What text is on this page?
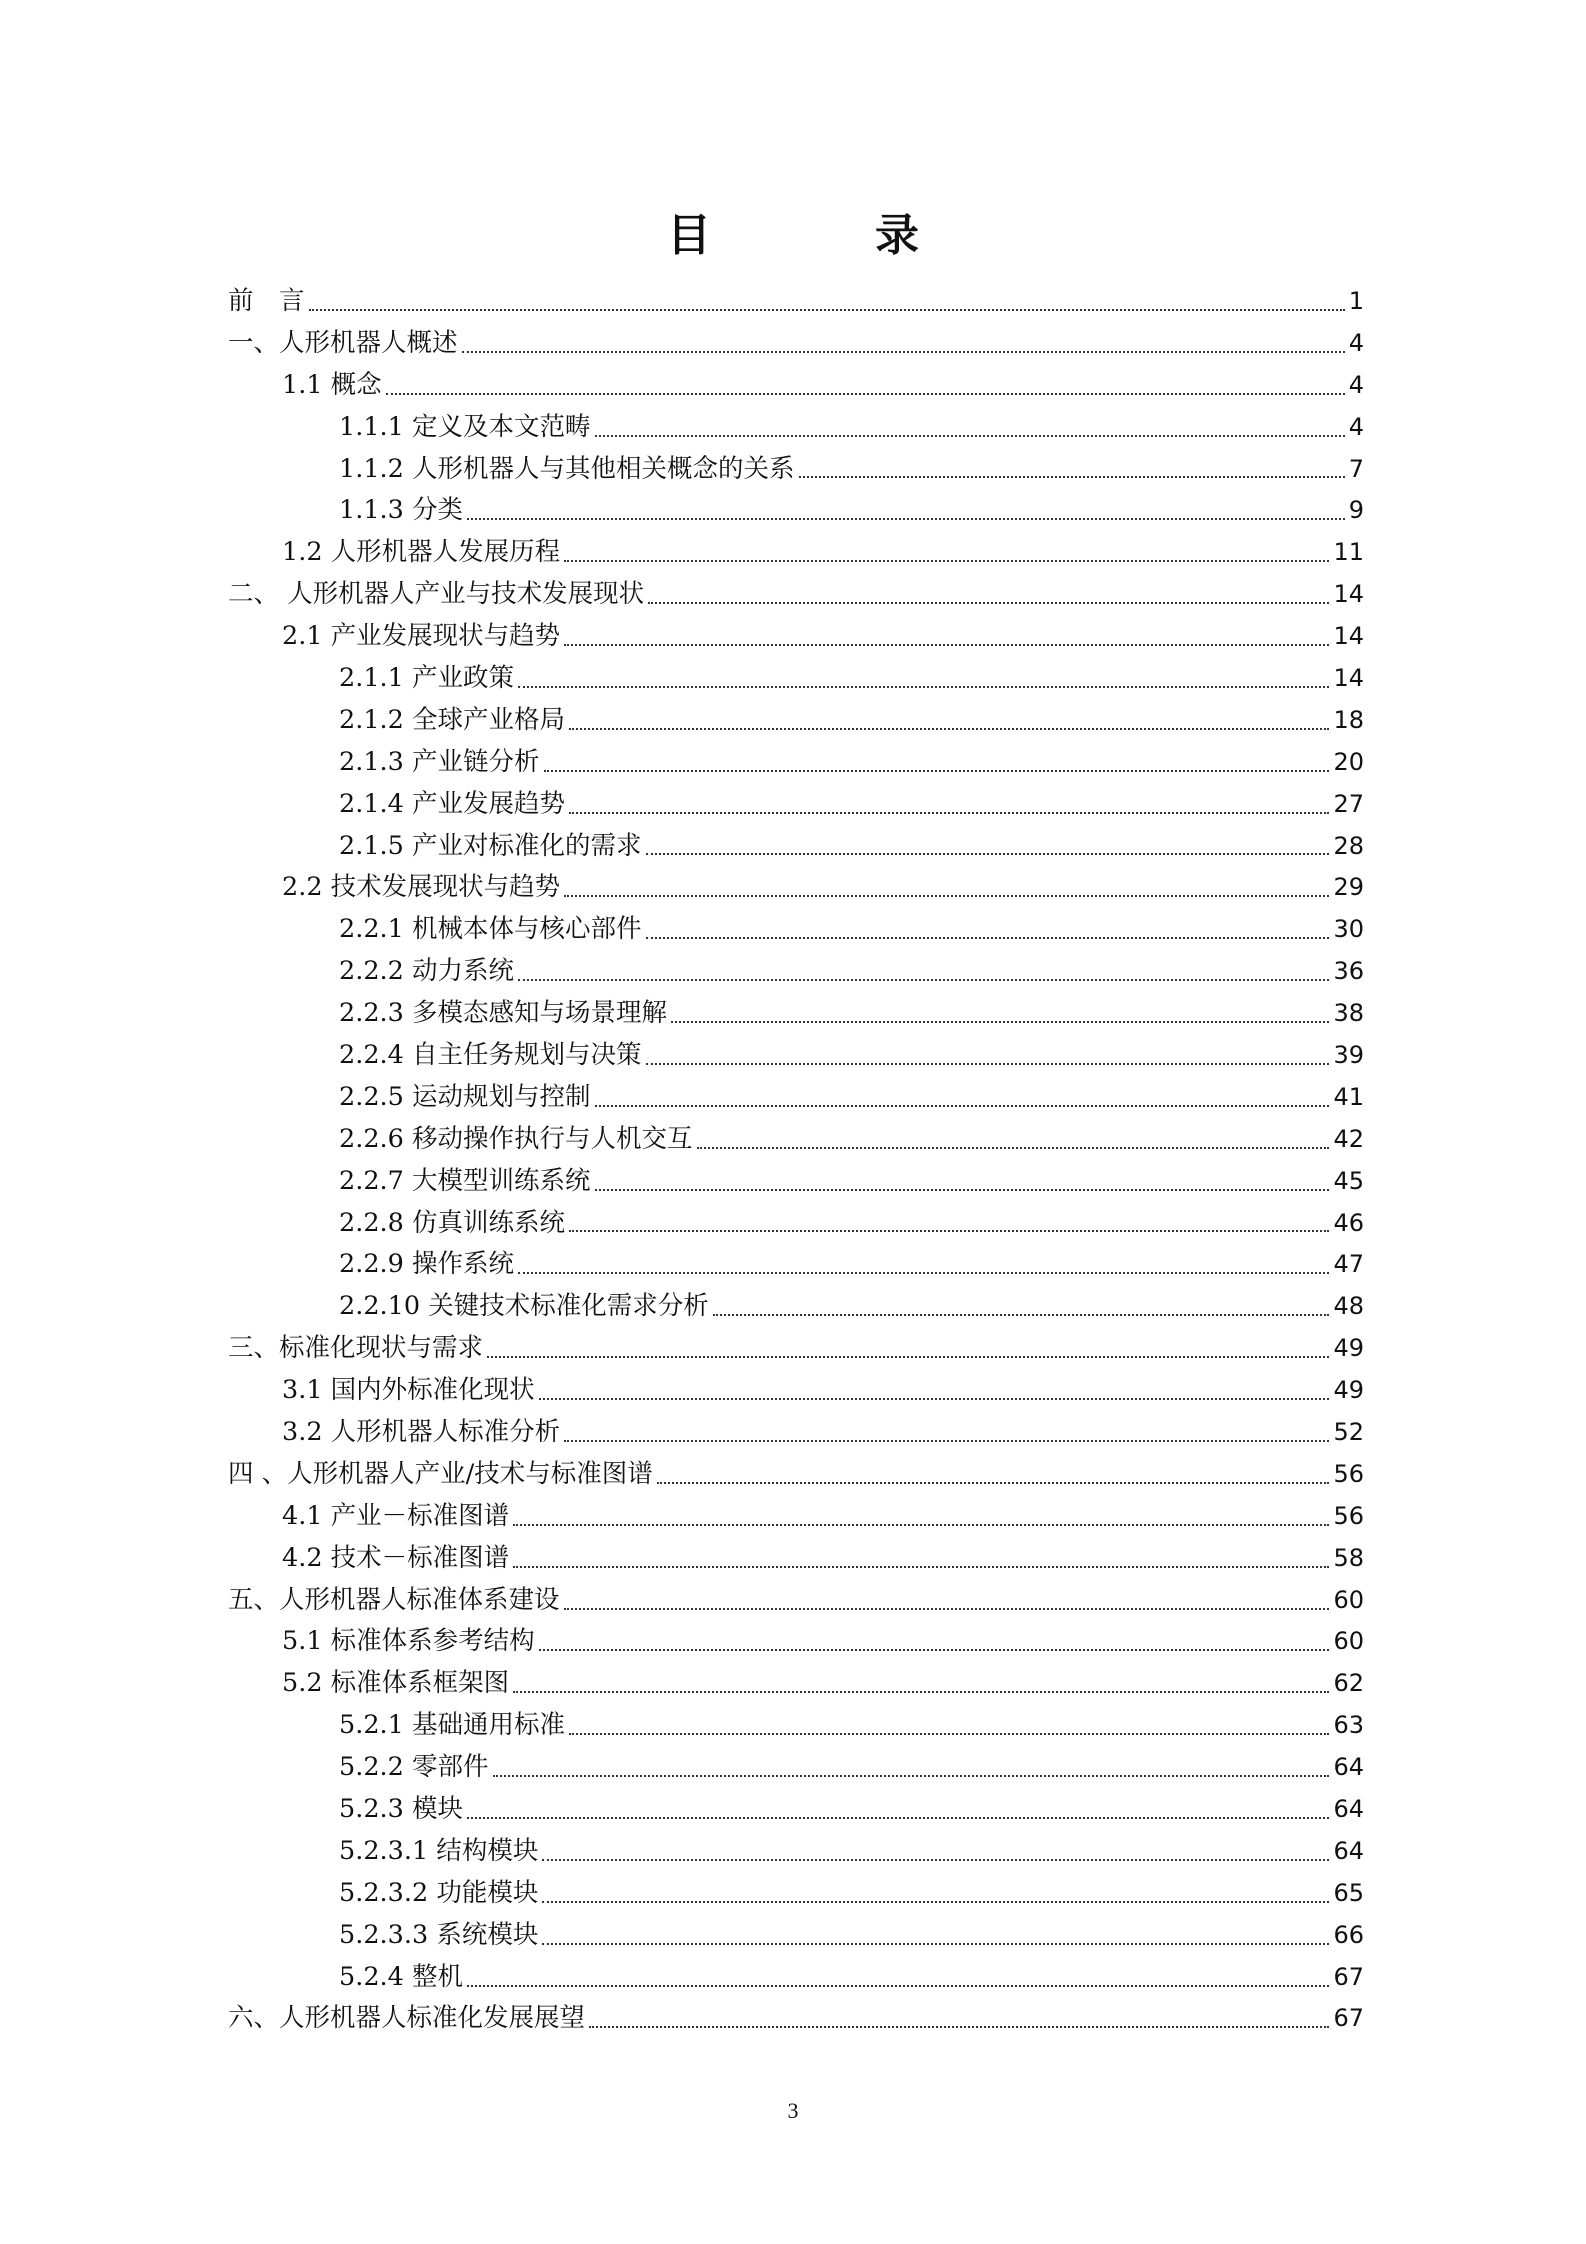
目　录
前　言	1
一、人形机器人概述	4
1.1 概念	4
1.1.1 定义及本文范畴	4
1.1.2 人形机器人与其他相关概念的关系	7
1.1.3 分类	9
1.2 人形机器人发展历程	11
二、 人形机器人产业与技术发展现状	14
2.1 产业发展现状与趋势	14
2.1.1 产业政策	14
2.1.2 全球产业格局	18
2.1.3 产业链分析	20
2.1.4 产业发展趋势	27
2.1.5 产业对标准化的需求	28
2.2 技术发展现状与趋势	29
2.2.1 机械本体与核心部件	30
2.2.2 动力系统	36
2.2.3 多模态感知与场景理解	38
2.2.4 自主任务规划与决策	39
2.2.5 运动规划与控制	41
2.2.6 移动操作执行与人机交互	42
2.2.7 大模型训练系统	45
2.2.8 仿真训练系统	46
2.2.9 操作系统	47
2.2.10 关键技术标准化需求分析	48
三、标准化现状与需求	49
3.1 国内外标准化现状	49
3.2 人形机器人标准分析	52
四 、人形机器人产业/技术与标准图谱	56
4.1 产业－标准图谱	56
4.2 技术－标准图谱	58
五、人形机器人标准体系建设	60
5.1 标准体系参考结构	60
5.2 标准体系框架图	62
5.2.1 基础通用标准	63
5.2.2 零部件	64
5.2.3 模块	64
5.2.3.1 结构模块	64
5.2.3.2 功能模块	65
5.2.3.3 系统模块	66
5.2.4 整机	67
六、人形机器人标准化发展展望	67
3
